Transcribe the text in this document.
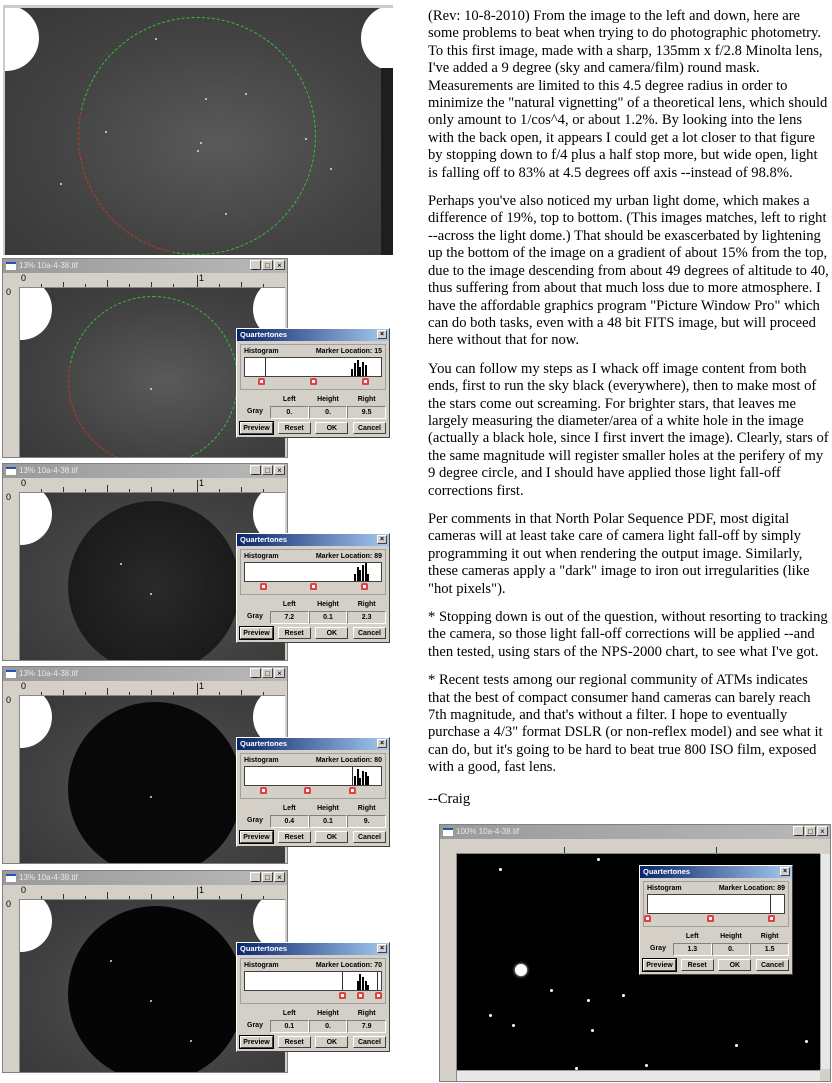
13% 10a-4-38.tif	_ □ ×
0	1
0
13% 10a-4-38.tif	_ □ ×
0	1
0
13% 10a-4-38.tif	_ □ ×
0	1
0
13% 10a-4-38.tif	_ □ ×
0	1
0
100% 10a-4-38.tif	_ □ ×
Quartertones	×
Histogram	Marker Location: 15
Left	Height	Right
Gray	0.	0.	9.5
Preview	Reset	OK	Cancel
Quartertones	×
Histogram	Marker Location: 89
Left	Height	Right
Gray	7.2	0.1	2.3
Preview	Reset	OK	Cancel
Quartertones	×
Histogram	Marker Location: 80
Left	Height	Right
Gray	0.4	0.1	9.
Preview	Reset	OK	Cancel
Quartertones	×
Histogram	Marker Location: 70
Left	Height	Right
Gray	0.1	0.	7.9
Preview	Reset	OK	Cancel
Quartertones	×
Histogram	Marker Location: 89
Left	Height	Right
Gray	1.3	0.	1.5
Preview	Reset	OK	Cancel

(Rev: 10-8-2010) From the image to the left and down, here are some problems to beat when trying to do photographic photometry. To this first image, made with a sharp, 135mm x f/2.8 Minolta lens, I've added a 9 degree (sky and camera/film) round mask. Measurements are limited to this 4.5 degree radius in order to minimize the "natural vignetting" of a theoretical lens, which should only amount to 1/cos^4, or about 1.2%. By looking into the lens with the back open, it appears I could get a lot closer to that figure by stopping down to f/4 plus a half stop more, but wide open, light is falling off to 83% at 4.5 degrees off axis --instead of 98.8%.

Perhaps you've also noticed my urban light dome, which makes a difference of 19%, top to bottom. (This images matches, left to right --across the light dome.) That should be exascerbated by lightening up the bottom of the image on a gradient of about 15% from the top, due to the image descending from about 49 degrees of altitude to 40, thus suffering from about that much loss due to more atmosphere. I have the affordable graphics program "Picture Window Pro" which can do both tasks, even with a 48 bit FITS image, but will proceed here without that for now.

You can follow my steps as I whack off image content from both ends, first to run the sky black (everywhere), then to make most of the stars come out screaming. For brighter stars, that leaves me largely measuring the diameter/area of a white hole in the image (actually a black hole, since I first invert the image). Clearly, stars of the same magnitude will register smaller holes at the perifery of my 9 degree circle, and I should have applied those light fall-off corrections first.

Per comments in that North Polar Sequence PDF, most digital cameras will at least take care of camera light fall-off by simply programming it out when rendering the output image. Similarly, these cameras apply a "dark" image to iron out irregularities (like "hot pixels").

* Stopping down is out of the question, without resorting to tracking the camera, so those light fall-off corrections will be applied --and then tested, using stars of the NPS-2000 chart, to see what I've got.

* Recent tests among our regional community of ATMs indicates that the best of compact consumer hand cameras can barely reach 7th magnitude, and that's without a filter. I hope to eventually purchase a 4/3" format DSLR (or non-reflex model) and see what it can do, but it's going to be hard to beat true 800 ISO film, exposed with a good, fast lens.

--Craig
